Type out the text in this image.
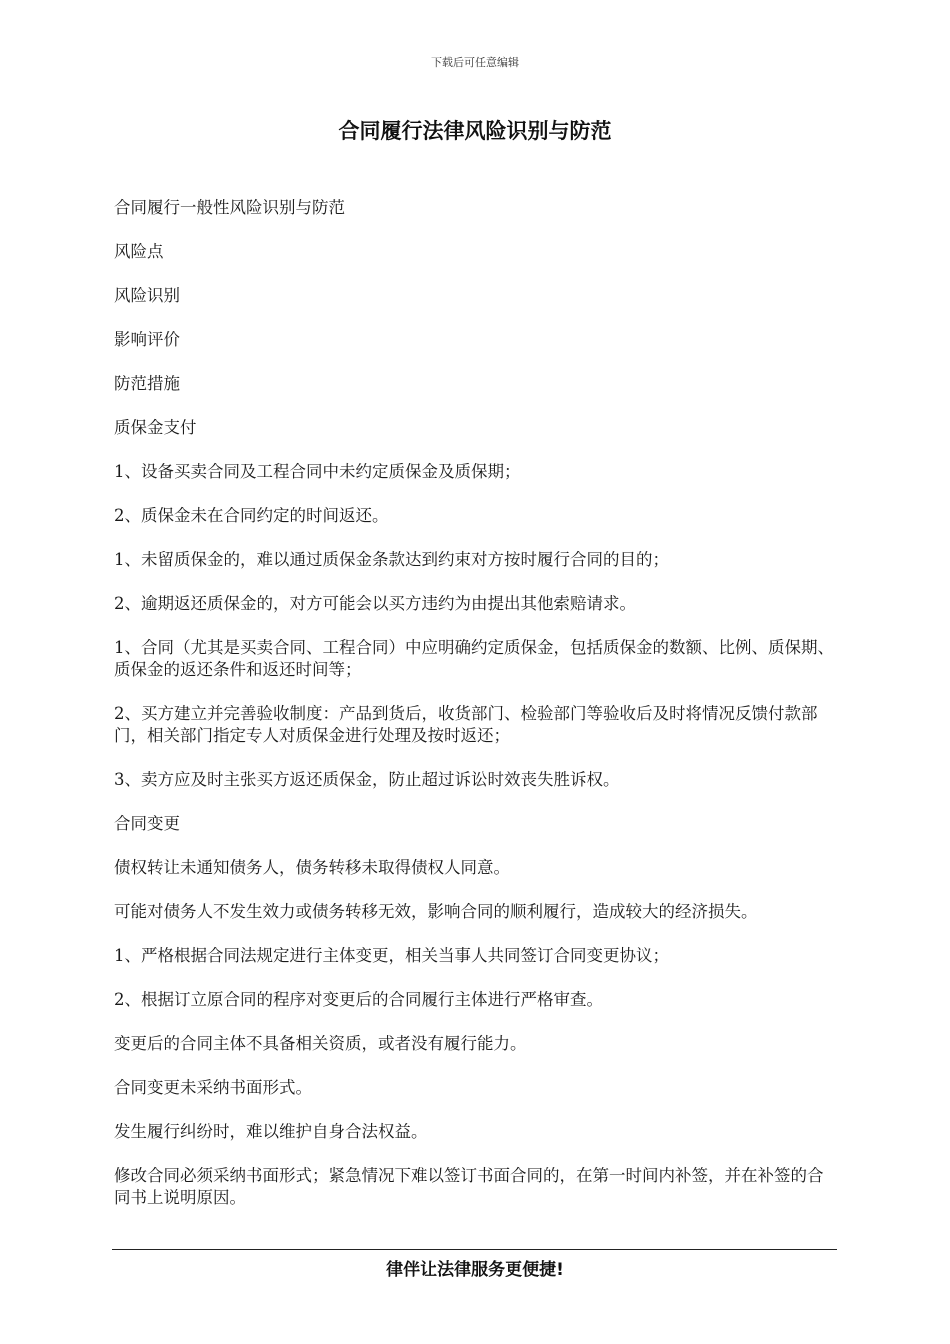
下载后可任意编辑
合同履行法律风险识别与防范

合同履行一般性风险识别与防范

风险点

风险识别

影响评价

防范措施

质保金支付

1、设备买卖合同及工程合同中未约定质保金及质保期；

2、质保金未在合同约定的时间返还。

1、未留质保金的，难以通过质保金条款达到约束对方按时履行合同的目的；

2、逾期返还质保金的，对方可能会以买方违约为由提出其他索赔请求。

1、合同（尤其是买卖合同、工程合同）中应明确约定质保金，包括质保金的数额、比例、质保期、质保金的返还条件和返还时间等；

2、买方建立并完善验收制度：产品到货后，收货部门、检验部门等验收后及时将情况反馈付款部门，相关部门指定专人对质保金进行处理及按时返还；

3、卖方应及时主张买方返还质保金，防止超过诉讼时效丧失胜诉权。

合同变更

债权转让未通知债务人，债务转移未取得债权人同意。

可能对债务人不发生效力或债务转移无效，影响合同的顺利履行，造成较大的经济损失。

1、严格根据合同法规定进行主体变更，相关当事人共同签订合同变更协议；

2、根据订立原合同的程序对变更后的合同履行主体进行严格审查。

变更后的合同主体不具备相关资质，或者没有履行能力。

合同变更未采纳书面形式。

发生履行纠纷时，难以维护自身合法权益。

修改合同必须采纳书面形式；紧急情况下难以签订书面合同的，在第一时间内补签，并在补签的合同书上说明原因。

律伴让法律服务更便捷!
